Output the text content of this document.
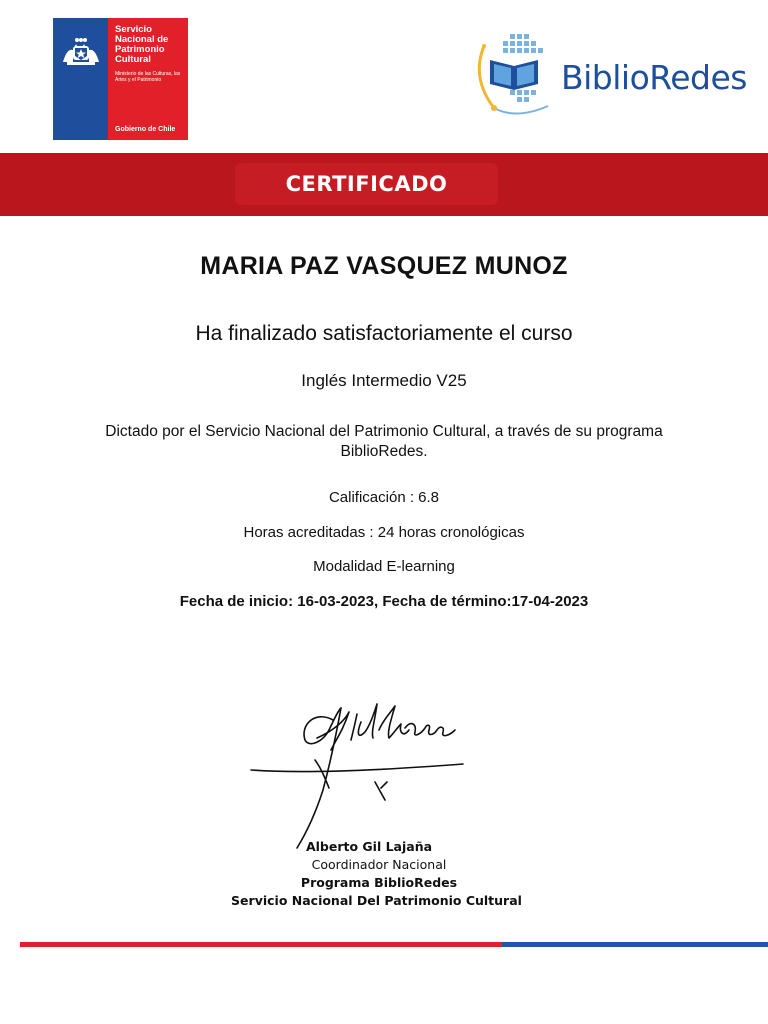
Servicio Nacional de Patrimonio Cultural
Ministerio de las Culturas, las Artes y el Patrimonio
Gobierno de Chile
BiblioRedes
CERTIFICADO
MARIA PAZ VASQUEZ MUNOZ
Ha finalizado satisfactoriamente el curso
Inglés Intermedio V25
Dictado por el Servicio Nacional del Patrimonio Cultural, a través de su programa BiblioRedes.
Calificación : 6.8
Horas acreditadas : 24 horas cronológicas
Modalidad E-learning
Fecha de inicio: 16-03-2023, Fecha de término:17-04-2023
Alberto Gil Lajaña
Coordinador Nacional
Programa BiblioRedes
Servicio Nacional Del Patrimonio Cultural
